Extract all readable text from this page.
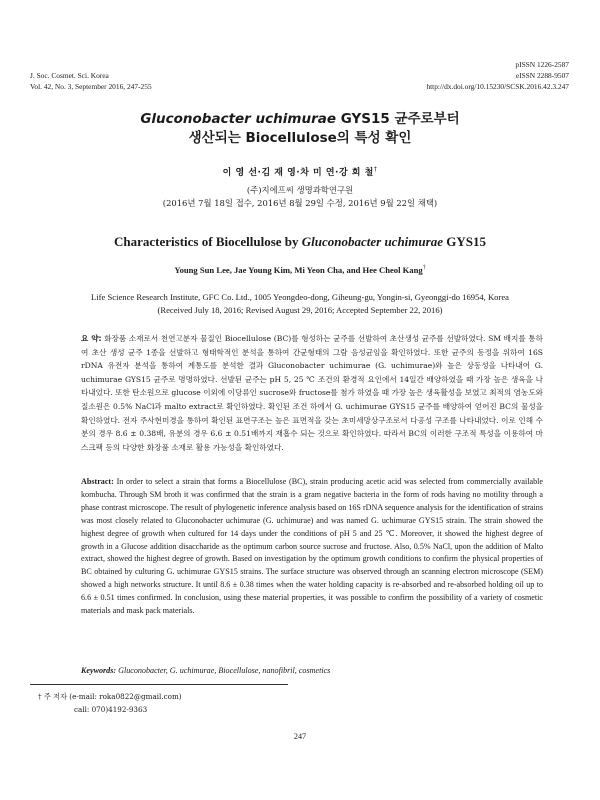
J. Soc. Cosmet. Sci. Korea
Vol. 42, No. 3, September 2016, 247-255
pISSN 1226-2587
eISSN 2288-9507
http://dx.doi.org/10.15230/SCSK.2016.42.3.247
Gluconobacter uchimurae GYS15 균주로부터
생산되는 Biocellulose의 특성 확인
이 영 선·김 재 영·차 미 연·강 희 철†
(주)지에프씨 생명과학연구원
(2016년 7월 18일 접수, 2016년 8월 29일 수정, 2016년 9월 22일 채택)
Characteristics of Biocellulose by Gluconobacter uchimurae GYS15
Young Sun Lee, Jae Young Kim, Mi Yeon Cha, and Hee Cheol Kang†
Life Science Research Institute, GFC Co. Ltd., 1005 Yeongdeo-dong, Giheung-gu, Yongin-si, Gyeonggi-do 16954, Korea
(Received July 18, 2016; Revised August 29, 2016; Accepted September 22, 2016)
요 약: 화장품 소재로서 천연고분자 물질인 Biocellulose (BC)를 형성하는 균주를 선발하여 초산생성 균주를 선발하였다. SM 배지를 통하여 초산 생성 균주 1종을 선발하고 형태학적인 분석을 통하여 간균형태의 그람 음성균임을 확인하였다. 또한 균주의 동정을 위하여 16S rDNA 유전자 분석을 통하여 계통도를 분석한 결과 Gluconobacter uchimurae (G. uchimurae)와 높은 상동성을 나타내어 G. uchimurae GYS15 균주로 명명하였다. 선발된 균주는 pH 5, 25 ℃ 조건의 환경적 요인에서 14일간 배양하였을 때 가장 높은 생육을 나타내었다. 또한 탄소원으로 glucose 이외에 이당류인 sucrose와 fructose를 첨가 하였을 때 가장 높은 생육활성을 보였고 최적의 염농도와 질소원은 0.5% NaCl과 malto extract로 확인하였다. 확인된 조건 하에서 G. uchimurae GYS15 균주를 배양하여 얻어진 BC의 물성을 확인하였다. 전자 주사현미경을 통하여 확인된 표면구조는 높은 표면적을 갖는 초미세망상구조로서 다공성 구조를 나타내었다. 이로 인해 수분의 경우 8.6 ± 0.38배, 유분의 경우 6.6 ± 0.51배까지 재흡수 되는 것으로 확인하였다. 따라서 BC의 이러한 구조적 특성을 이용하여 마스크팩 등의 다양한 화장품 소재로 활용 가능성을 확인하였다.
Abstract: In order to select a strain that forms a Biocellulose (BC), strain producing acetic acid was selected from commercially available kombucha. Through SM broth it was confirmed that the strain is a gram negative bacteria in the form of rods having no motility through a phase contrast microscope. The result of phylogenetic inference analysis based on 16S rDNA sequence analysis for the identification of strains was most closely related to Gluconobacter uchimurae (G. uchimurae) and was named G. uchimurae GYS15 strain. The strain showed the highest degree of growth when cultured for 14 days under the conditions of pH 5 and 25 ℃. Moreover, it showed the highest degree of growth in a Glucose addition disaccharide as the optimum carbon source sucrose and fructose. Also, 0.5% NaCl, upon the addition of Malto extract, showed the highest degree of growth. Based on investigation by the optimum growth conditions to confirm the physical properties of BC obtained by culturing G. uchimurae GYS15 strains. The surface structure was observed through an scanning electron microscope (SEM) showed a high networks structure. It until 8.6 ± 0.38 times when the water holding capacity is re-absorbed and re-absorbed holding oil up to 6.6 ± 0.51 times confirmed. In conclusion, using these material properties, it was possible to confirm the possibility of a variety of cosmetic materials and mask pack materials.
Keywords: Gluconobacter, G. uchimurae, Biocellulose, nanofibril, cosmetics
† 주 저자 (e-mail: roka0822@gmail.com)
call: 070)4192-9363
247
